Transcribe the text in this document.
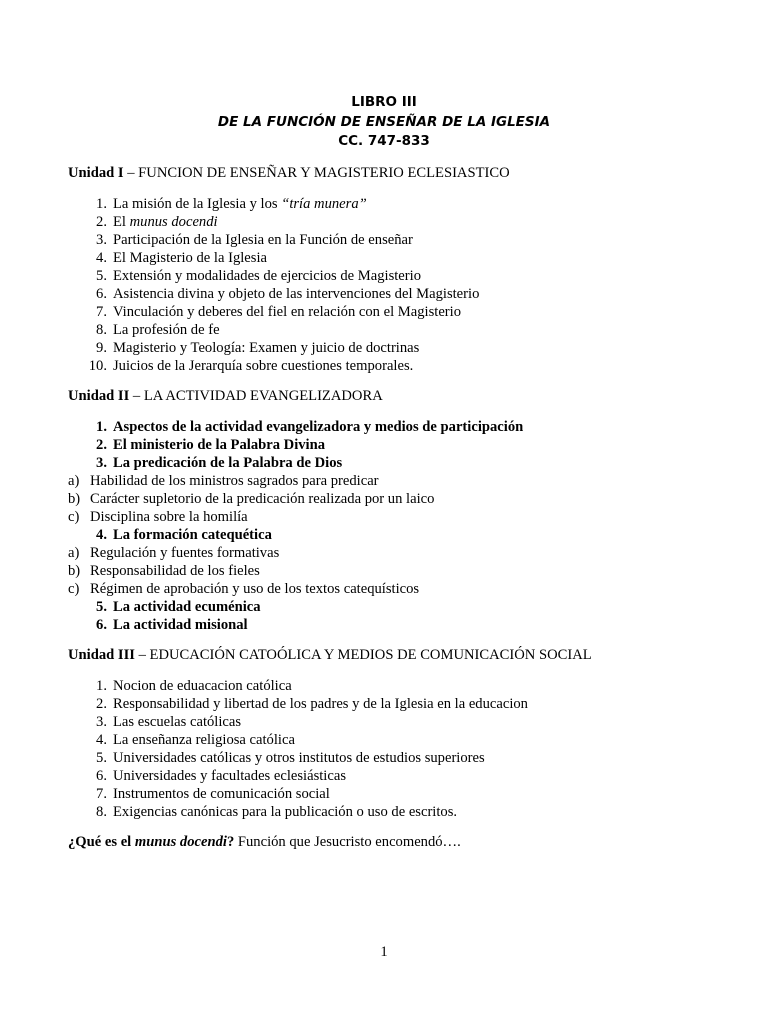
LIBRO III
DE LA FUNCIÓN DE ENSEÑAR DE LA IGLESIA
CC. 747-833

Unidad I – FUNCION DE ENSEÑAR Y MAGISTERIO ECLESIASTICO

1. La misión de la Iglesia y los “tría munera”
2. El munus docendi
3. Participación de la Iglesia en la Función de enseñar
4. El Magisterio de la Iglesia
5. Extensión y modalidades de ejercicios de Magisterio
6. Asistencia divina y objeto de las intervenciones del Magisterio
7. Vinculación y deberes del fiel en relación con el Magisterio
8. La profesión de fe
9. Magisterio y Teología: Examen y juicio de doctrinas
10. Juicios de la Jerarquía sobre cuestiones temporales.

Unidad II – LA ACTIVIDAD EVANGELIZADORA

1. Aspectos de la actividad evangelizadora y medios de participación
2. El ministerio de la Palabra Divina
3. La predicación de la Palabra de Dios
a) Habilidad de los ministros sagrados para predicar
b) Carácter supletorio de la predicación realizada por un laico
c) Disciplina sobre la homilía
4. La formación catequética
a) Regulación y fuentes formativas
b) Responsabilidad de los fieles
c) Régimen de aprobación y uso de los textos catequísticos
5. La actividad ecuménica
6. La actividad misional

Unidad III – EDUCACIÓN CATOÓLICA Y MEDIOS DE COMUNICACIÓN SOCIAL

1. Nocion de eduacacion católica
2. Responsabilidad y libertad de los padres y de la Iglesia en la educacion
3. Las escuelas católicas
4. La enseñanza religiosa católica
5. Universidades católicas y otros institutos de estudios superiores
6. Universidades y facultades eclesiásticas
7. Instrumentos de comunicación social
8. Exigencias canónicas para la publicación o uso de escritos.

¿Qué es el munus docendi? Función que Jesucristo encomendó….

1
